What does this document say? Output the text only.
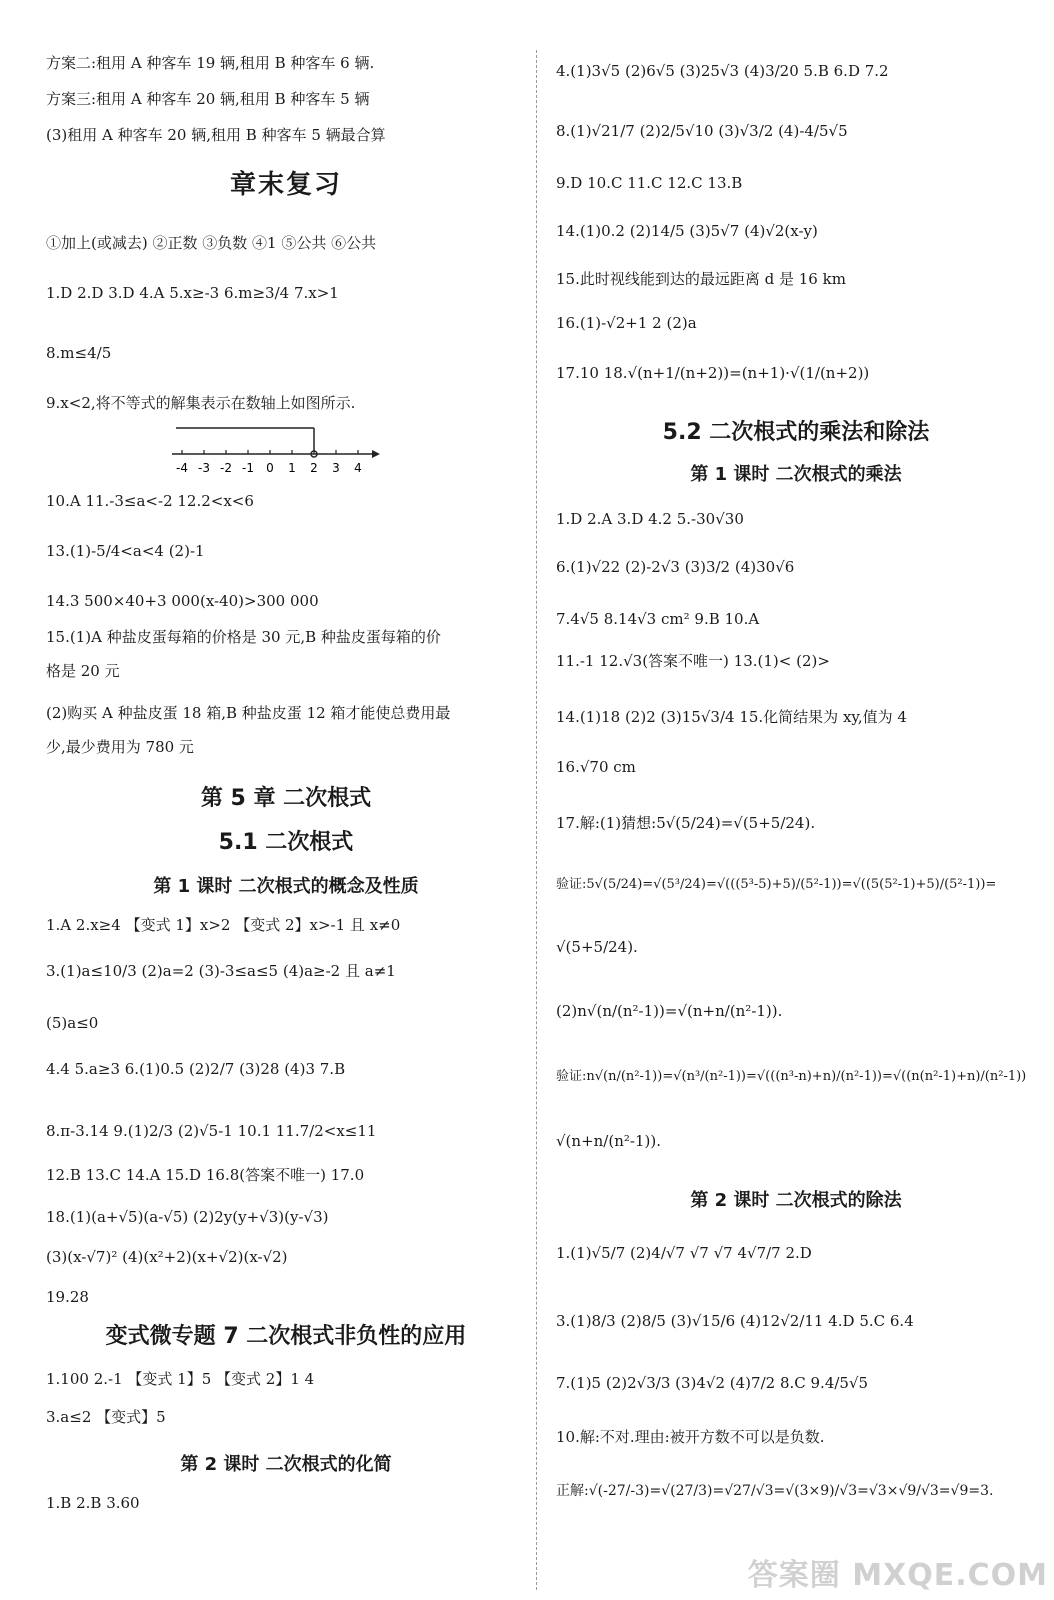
方案二:租用 A 种客车 19 辆,租用 B 种客车 6 辆.
方案三:租用 A 种客车 20 辆,租用 B 种客车 5 辆
(3)租用 A 种客车 20 辆,租用 B 种客车 5 辆最合算
章末复习
①加上(或减去) ②正数 ③负数 ④1 ⑤公共 ⑥公共
1.D 2.D 3.D 4.A 5.x≥-3 6.m≥3/4 7.x>1
8.m≤4/5
9.x<2,将不等式的解集表示在数轴上如图所示.
-4 -3 -2 -1 0 1 2 3 4
10.A 11.-3≤a<-2 12.2<x<6
13.(1)-5/4<a<4 (2)-1
14.3 500×40+3 000(x-40)>300 000
15.(1)A 种盐皮蛋每箱的价格是 30 元,B 种盐皮蛋每箱的价
格是 20 元
(2)购买 A 种盐皮蛋 18 箱,B 种盐皮蛋 12 箱才能使总费用最
少,最少费用为 780 元
第 5 章 二次根式
5.1 二次根式
第 1 课时 二次根式的概念及性质
1.A 2.x≥4 【变式 1】x>2 【变式 2】x>-1 且 x≠0
3.(1)a≤10/3 (2)a=2 (3)-3≤a≤5 (4)a≥-2 且 a≠1
(5)a≤0
4.4 5.a≥3 6.(1)0.5 (2)2/7 (3)28 (4)3 7.B
8.π-3.14 9.(1)2/3 (2)√5-1 10.1 11.7/2<x≤11
12.B 13.C 14.A 15.D 16.8(答案不唯一) 17.0
18.(1)(a+√5)(a-√5) (2)2y(y+√3)(y-√3)
(3)(x-√7)² (4)(x²+2)(x+√2)(x-√2)
19.28
变式微专题 7 二次根式非负性的应用
1.100 2.-1 【变式 1】5 【变式 2】1 4
3.a≤2 【变式】5
第 2 课时 二次根式的化简
1.B 2.B 3.60
4.(1)3√5 (2)6√5 (3)25√3 (4)3/20 5.B 6.D 7.2
8.(1)√21/7 (2)2/5√10 (3)√3/2 (4)-4/5√5
9.D 10.C 11.C 12.C 13.B
14.(1)0.2 (2)14/5 (3)5√7 (4)√2(x-y)
15.此时视线能到达的最远距离 d 是 16 km
16.(1)-√2+1 2 (2)a
17.10 18.√(n+1/(n+2))=(n+1)·√(1/(n+2))
5.2 二次根式的乘法和除法
第 1 课时 二次根式的乘法
1.D 2.A 3.D 4.2 5.-30√30
6.(1)√22 (2)-2√3 (3)3/2 (4)30√6
7.4√5 8.14√3 cm² 9.B 10.A
11.-1 12.√3(答案不唯一) 13.(1)< (2)>
14.(1)18 (2)2 (3)15√3/4 15.化简结果为 xy,值为 4
16.√70 cm
17.解:(1)猜想:5√(5/24)=√(5+5/24).
验证:5√(5/24)=√(5³/24)=√(((5³-5)+5)/(5²-1))=√((5(5²-1)+5)/(5²-1))=
√(5+5/24).
(2)n√(n/(n²-1))=√(n+n/(n²-1)).
验证:n√(n/(n²-1))=√(n³/(n²-1))=√(((n³-n)+n)/(n²-1))=√((n(n²-1)+n)/(n²-1))
√(n+n/(n²-1)).
第 2 课时 二次根式的除法
1.(1)√5/7 (2)4/√7 √7 √7 4√7/7 2.D
3.(1)8/3 (2)8/5 (3)√15/6 (4)12√2/11 4.D 5.C 6.4
7.(1)5 (2)2√3/3 (3)4√2 (4)7/2 8.C 9.4/5√5
10.解:不对.理由:被开方数不可以是负数.
正解:√(-27/-3)=√(27/3)=√27/√3=√(3×9)/√3=√3×√9/√3=√9=3.
答案圈 MXQE.COM
